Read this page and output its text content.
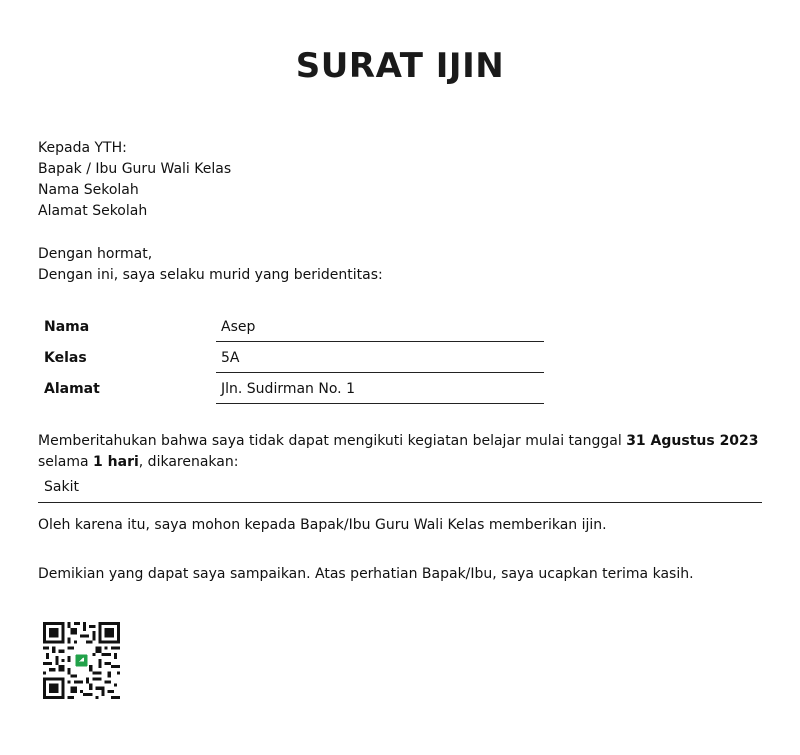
SURAT IJIN
Kepada YTH:
Bapak / Ibu Guru Wali Kelas
Nama Sekolah
Alamat Sekolah
Dengan hormat,
Dengan ini, saya selaku murid yang beridentitas:
Nama	Asep
Kelas	5A
Alamat	Jln. Sudirman No. 1
Memberitahukan bahwa saya tidak dapat mengikuti kegiatan belajar mulai tanggal 31 Agustus 2023
selama 1 hari, dikarenakan:
Sakit
Oleh karena itu, saya mohon kepada Bapak/Ibu Guru Wali Kelas memberikan ijin.
Demikian yang dapat saya sampaikan. Atas perhatian Bapak/Ibu, saya ucapkan terima kasih.
